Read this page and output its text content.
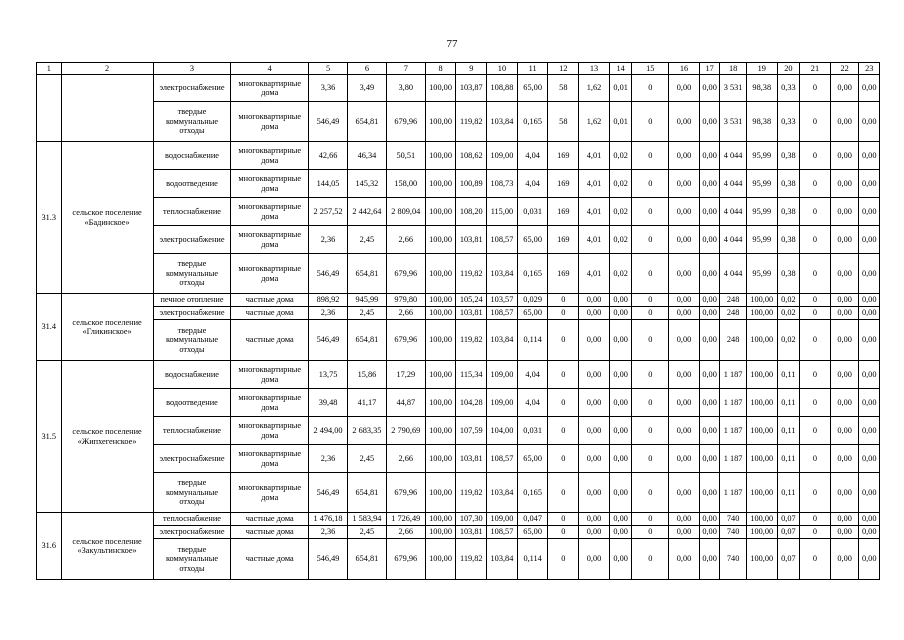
77
1	2	3	4	5	6	7	8	9	10	11	12	13	14	15	16	17	18	19	20	21	22	23
		электроснабжение	многоквартирные дома	3,36	3,49	3,80	100,00	103,87	108,88	65,00	58	1,62	0,01	0	0,00	0,00	3 531	98,38	0,33	0	0,00	0,00
		твердые коммунальные отходы	многоквартирные дома	546,49	654,81	679,96	100,00	119,82	103,84	0,165	58	1,62	0,01	0	0,00	0,00	3 531	98,38	0,33	0	0,00	0,00
31.3	сельское поселение «Бадинское»	водоснабжение	многоквартирные дома	42,66	46,34	50,51	100,00	108,62	109,00	4,04	169	4,01	0,02	0	0,00	0,00	4 044	95,99	0,38	0	0,00	0,00
		водоотведение	многоквартирные дома	144,05	145,32	158,00	100,00	100,89	108,73	4,04	169	4,01	0,02	0	0,00	0,00	4 044	95,99	0,38	0	0,00	0,00
		теплоснабжение	многоквартирные дома	2 257,52	2 442,64	2 809,04	100,00	108,20	115,00	0,031	169	4,01	0,02	0	0,00	0,00	4 044	95,99	0,38	0	0,00	0,00
		электроснабжение	многоквартирные дома	2,36	2,45	2,66	100,00	103,81	108,57	65,00	169	4,01	0,02	0	0,00	0,00	4 044	95,99	0,38	0	0,00	0,00
		твердые коммунальные отходы	многоквартирные дома	546,49	654,81	679,96	100,00	119,82	103,84	0,165	169	4,01	0,02	0	0,00	0,00	4 044	95,99	0,38	0	0,00	0,00
31.4	сельское поселение «Гликинское»	печное отопление	частные дома	898,92	945,99	979,80	100,00	105,24	103,57	0,029	0	0,00	0,00	0	0,00	0,00	248	100,00	0,02	0	0,00	0,00
		электроснабжение	частные дома	2,36	2,45	2,66	100,00	103,81	108,57	65,00	0	0,00	0,00	0	0,00	0,00	248	100,00	0,02	0	0,00	0,00
		твердые коммунальные отходы	частные дома	546,49	654,81	679,96	100,00	119,82	103,84	0,114	0	0,00	0,00	0	0,00	0,00	248	100,00	0,02	0	0,00	0,00
31.5	сельское поселение «Жипхегенское»	водоснабжение	многоквартирные дома	13,75	15,86	17,29	100,00	115,34	109,00	4,04	0	0,00	0,00	0	0,00	0,00	1 187	100,00	0,11	0	0,00	0,00
		водоотведение	многоквартирные дома	39,48	41,17	44,87	100,00	104,28	109,00	4,04	0	0,00	0,00	0	0,00	0,00	1 187	100,00	0,11	0	0,00	0,00
		теплоснабжение	многоквартирные дома	2 494,00	2 683,35	2 790,69	100,00	107,59	104,00	0,031	0	0,00	0,00	0	0,00	0,00	1 187	100,00	0,11	0	0,00	0,00
		электроснабжение	многоквартирные дома	2,36	2,45	2,66	100,00	103,81	108,57	65,00	0	0,00	0,00	0	0,00	0,00	1 187	100,00	0,11	0	0,00	0,00
		твердые коммунальные отходы	многоквартирные дома	546,49	654,81	679,96	100,00	119,82	103,84	0,165	0	0,00	0,00	0	0,00	0,00	1 187	100,00	0,11	0	0,00	0,00
31.6	сельское поселение «Закультинское»	теплоснабжение	частные дома	1 476,18	1 583,94	1 726,49	100,00	107,30	109,00	0,047	0	0,00	0,00	0	0,00	0,00	740	100,00	0,07	0	0,00	0,00
		электроснабжение	частные дома	2,36	2,45	2,66	100,00	103,81	108,57	65,00	0	0,00	0,00	0	0,00	0,00	740	100,00	0,07	0	0,00	0,00
		твердые коммунальные отходы	частные дома	546,49	654,81	679,96	100,00	119,82	103,84	0,114	0	0,00	0,00	0	0,00	0,00	740	100,00	0,07	0	0,00	0,00
